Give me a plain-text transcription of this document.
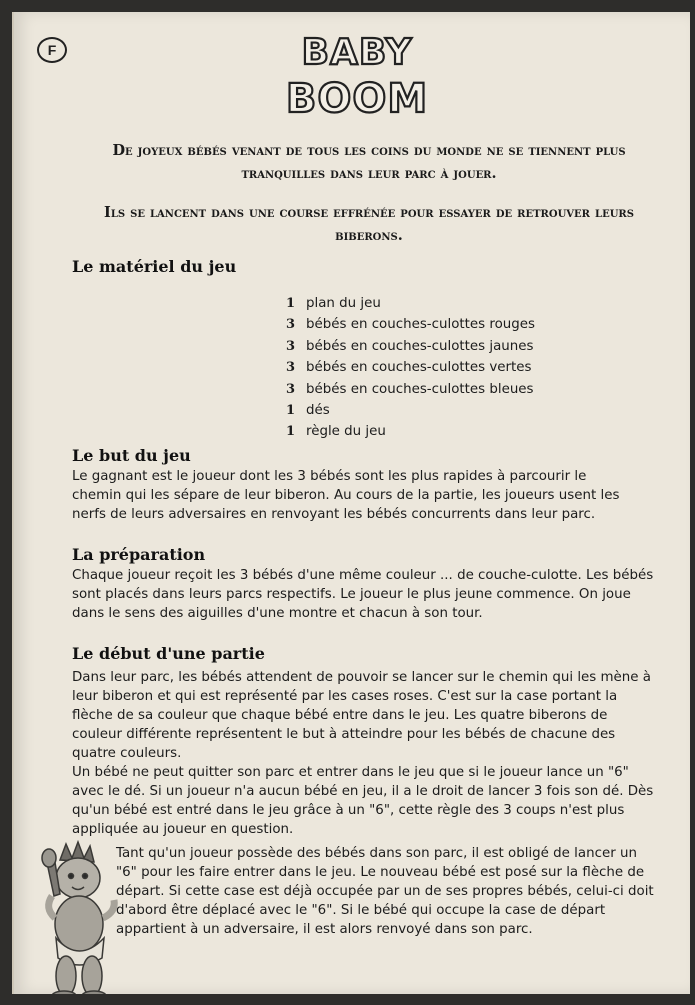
F	BABY
BOOM

De joyeux bébés venant de tous les coins du monde ne se tiennent plus tranquilles dans leur parc à jouer.

Ils se lancent dans une course effrénée pour essayer de retrouver leurs biberons.

Le matériel du jeu
1 plan du jeu
3 bébés en couches-culottes rouges
3 bébés en couches-culottes jaunes
3 bébés en couches-culottes vertes
3 bébés en couches-culottes bleues
1 dés
1 règle du jeu
Le but du jeu

Le gagnant est le joueur dont les 3 bébés sont les plus rapides à parcourir le chemin qui les sépare de leur biberon. Au cours de la partie, les joueurs usent les nerfs de leurs adversaires en renvoyant les bébés concurrents dans leur parc.

La préparation

Chaque joueur reçoit les 3 bébés d'une même couleur ... de couche-culotte. Les bébés sont placés dans leurs parcs respectifs. Le joueur le plus jeune commence. On joue dans le sens des aiguilles d'une montre et chacun à son tour.

Le début d'une partie

Dans leur parc, les bébés attendent de pouvoir se lancer sur le chemin qui les mène à leur biberon et qui est représenté par les cases roses. C'est sur la case portant la flèche de sa couleur que chaque bébé entre dans le jeu. Les quatre biberons de couleur différente représentent le but à atteindre pour les bébés de chacune des quatre couleurs.

Un bébé ne peut quitter son parc et entrer dans le jeu que si le joueur lance un "6" avec le dé. Si un joueur n'a aucun bébé en jeu, il a le droit de lancer 3 fois son dé. Dès qu'un bébé est entré dans le jeu grâce à un "6", cette règle des 3 coups n'est plus appliquée au joueur en question.

Tant qu'un joueur possède des bébés dans son parc, il est obligé de lancer un "6" pour les faire entrer dans le jeu. Le nouveau bébé est posé sur la flèche de départ. Si cette case est déjà occupée par un de ses propres bébés, celui-ci doit d'abord être déplacé avec le "6". Si le bébé qui occupe la case de départ appartient à un adversaire, il est alors renvoyé dans son parc.
